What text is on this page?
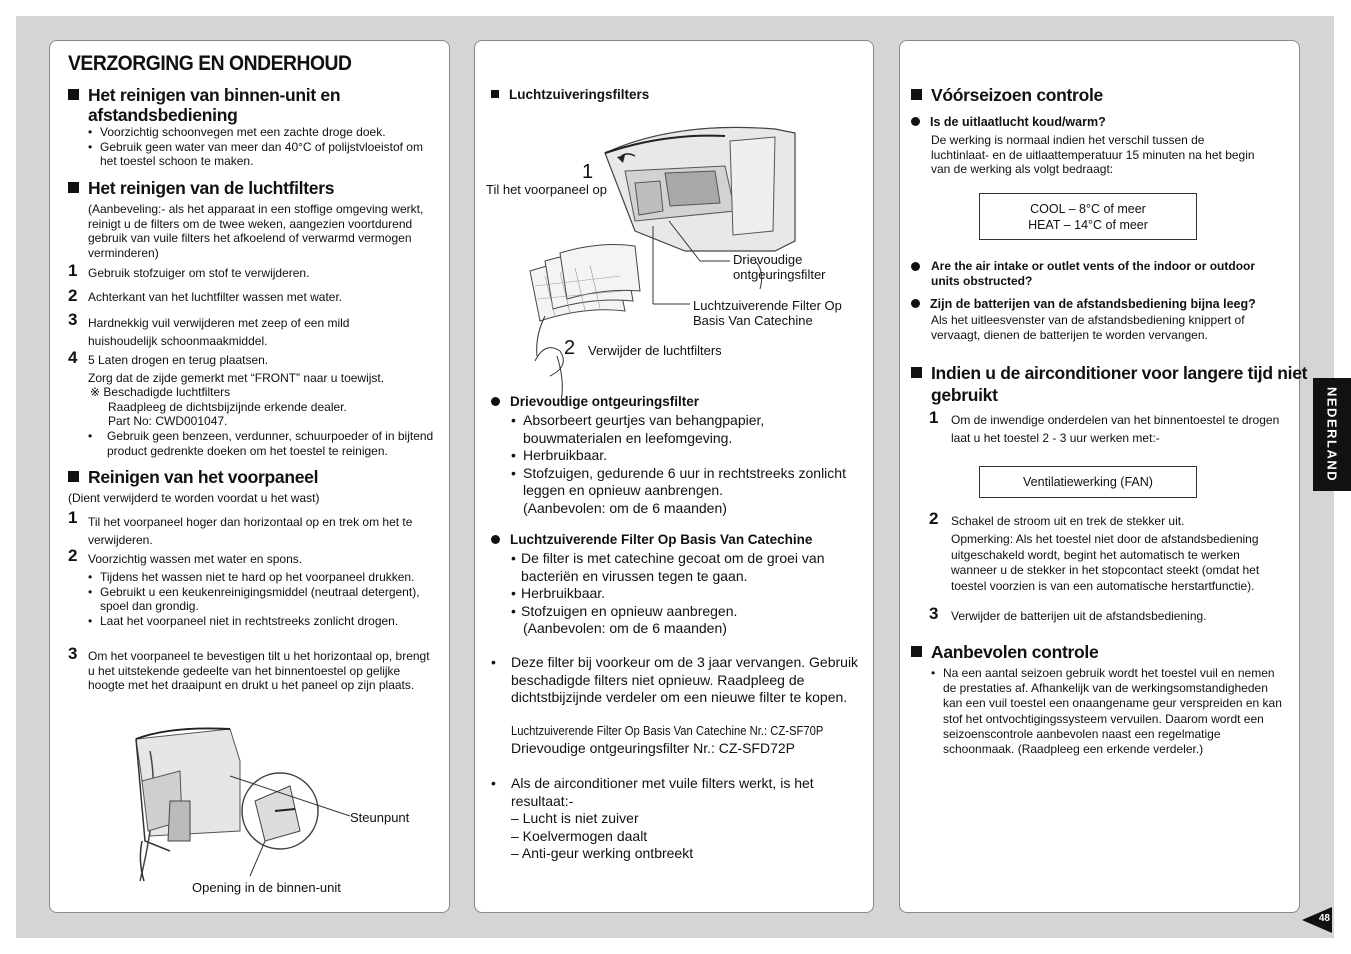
VERZORGING EN ONDERHOUD
Het reinigen van binnen-unit en afstandsbediening
• Voorzichtig schoonvegen met een zachte droge doek.
• Gebruik geen water van meer dan 40°C of polijstvloeistof om het toestel schoon te maken.
Het reinigen van de luchtfilters
(Aanbeveling:- als het apparaat in een stoffige omgeving werkt, reinigt u de filters om de twee weken, aangezien voortdurend gebruik van vuile filters het afkoelend of verwarmd vermogen verminderen)
1 Gebruik stofzuiger om stof te verwijderen.
2 Achterkant van het luchtfilter wassen met water.
3 Hardnekkig vuil verwijderen met zeep of een mild huishoudelijk schoonmaakmiddel.
4 5 Laten drogen en terug plaatsen.
Zorg dat de zijde gemerkt met “FRONT” naar u toewijst.
※ Beschadigde luchtfilters
Raadpleeg de dichtsbijzijnde erkende dealer.
Part No: CWD001047.
• Gebruik geen benzeen, verdunner, schuurpoeder of in bijtend product gedrenkte doeken om het toestel te reinigen.
Reinigen van het voorpaneel
(Dient verwijderd te worden voordat u het wast)
1 Til het voorpaneel hoger dan horizontaal op en trek om het te verwijderen.
2 Voorzichtig wassen met water en spons.
• Tijdens het wassen niet te hard op het voorpaneel drukken.
• Gebruikt u een keukenreinigingsmiddel (neutraal detergent), spoel dan grondig.
• Laat het voorpaneel niet in rechtstreeks zonlicht drogen.
3 Om het voorpaneel te bevestigen tilt u het horizontaal op, brengt u het uitstekende gedeelte van het binnentoestel op gelijke hoogte met het draaipunt en drukt u het paneel op zijn plaats.
Steunpunt
Opening in de binnen-unit
Luchtzuiveringsfilters
1
Til het voorpaneel op
Drievoudige
ontgeuringsfilter
Luchtzuiverende Filter Op
Basis Van Catechine
2 Verwijder de luchtfilters
Drievoudige ontgeuringsfilter
• Absorbeert geurtjes van behangpapier, bouwmaterialen en leefomgeving.
• Herbruikbaar.
• Stofzuigen, gedurende 6 uur in rechtstreeks zonlicht leggen en opnieuw aanbrengen.
(Aanbevolen: om de 6 maanden)
Luchtzuiverende Filter Op Basis Van Catechine
• De filter is met catechine gecoat om de groei van bacteriën en virussen tegen te gaan.
• Herbruikbaar.
• Stofzuigen en opnieuw aanbregen.
(Aanbevolen: om de 6 maanden)
• Deze filter bij voorkeur om de 3 jaar vervangen. Gebruik beschadigde filters niet opnieuw. Raadpleeg de dichtstbijzijnde verdeler om een nieuwe filter te kopen.
Luchtzuiverende Filter Op Basis Van Catechine Nr.: CZ-SF70P
Drievoudige ontgeuringsfilter Nr.: CZ-SFD72P
• Als de airconditioner met vuile filters werkt, is het resultaat:-
– Lucht is niet zuiver
– Koelvermogen daalt
– Anti-geur werking ontbreekt
Vóórseizoen controle
Is de uitlaatlucht koud/warm?
De werking is normaal indien het verschil tussen de luchtinlaat- en de uitlaattemperatuur 15 minuten na het begin van de werking als volgt bedraagt:
COOL – 8°C of meer
HEAT – 14°C of meer
Are the air intake or outlet vents of the indoor or outdoor units obstructed?
Zijn de batterijen van de afstandsbediening bijna leeg?
Als het uitleesvenster van de afstandsbediening knippert of vervaagt, dienen de batterijen te worden vervangen.
Indien u de airconditioner voor langere tijd niet gebruikt
1 Om de inwendige onderdelen van het binnentoestel te drogen laat u het toestel 2 - 3 uur werken met:-
Ventilatiewerking (FAN)
2 Schakel de stroom uit en trek de stekker uit.
Opmerking: Als het toestel niet door de afstandsbediening uitgeschakeld wordt, begint het automatisch te werken wanneer u de stekker in het stopcontact steekt (omdat het toestel voorzien is van een automatische herstartfunctie).
3 Verwijder de batterijen uit de afstandsbediening.
Aanbevolen controle
• Na een aantal seizoen gebruik wordt het toestel vuil en nemen de prestaties af. Afhankelijk van de werkingsomstandigheden kan een vuil toestel een onaangename geur verspreiden en kan stof het ontvochtigingssysteem vervuilen. Daarom wordt een seizoenscontrole aanbevolen naast een regelmatige schoonmaak. (Raadpleeg een erkende verdeler.)
NEDERLAND
48
